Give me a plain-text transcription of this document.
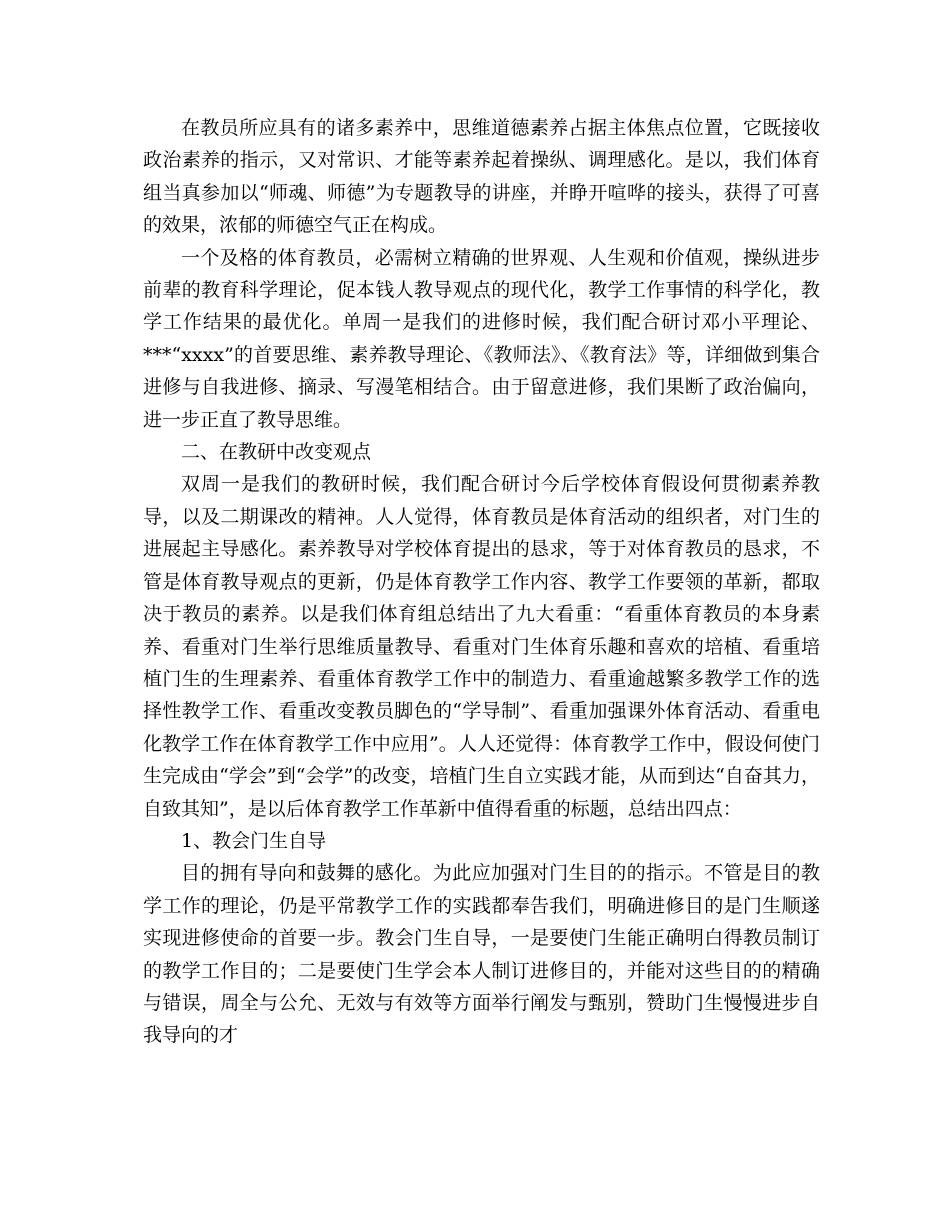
在教员所应具有的诸多素养中，思维道德素养占据主体焦点位置，它既接收政治素养的指示，又对常识、才能等素养起着操纵、调理感化。是以，我们体育组当真参加以“师魂、师德”为专题教导的讲座，并睁开喧哗的接头，获得了可喜的效果，浓郁的师德空气正在构成。

一个及格的体育教员，必需树立精确的世界观、人生观和价值观，操纵进步前辈的教育科学理论，促本钱人教导观点的现代化，教学工作事情的科学化，教学工作结果的最优化。单周一是我们的进修时候，我们配合研讨邓小平理论、***“xxxx”的首要思维、素养教导理论、《教师法》、《教育法》等，详细做到集合进修与自我进修、摘录、写漫笔相结合。由于留意进修，我们果断了政治偏向，进一步正直了教导思维。

二、在教研中改变观点

双周一是我们的教研时候，我们配合研讨今后学校体育假设何贯彻素养教导，以及二期课改的精神。人人觉得，体育教员是体育活动的组织者，对门生的进展起主导感化。素养教导对学校体育提出的恳求，等于对体育教员的恳求，不管是体育教导观点的更新，仍是体育教学工作内容、教学工作要领的革新，都取决于教员的素养。以是我们体育组总结出了九大看重：“看重体育教员的本身素养、看重对门生举行思维质量教导、看重对门生体育乐趣和喜欢的培植、看重培植门生的生理素养、看重体育教学工作中的制造力、看重逾越繁多教学工作的选择性教学工作、看重改变教员脚色的“学导制”、看重加强课外体育活动、看重电化教学工作在体育教学工作中应用”。人人还觉得：体育教学工作中，假设何使门生完成由“学会”到“会学”的改变，培植门生自立实践才能，从而到达“自奋其力，自致其知”，是以后体育教学工作革新中值得看重的标题，总结出四点：

1、教会门生自导

目的拥有导向和鼓舞的感化。为此应加强对门生目的的指示。不管是目的教学工作的理论，仍是平常教学工作的实践都奉告我们，明确进修目的是门生顺遂实现进修使命的首要一步。教会门生自导，一是要使门生能正确明白得教员制订的教学工作目的；二是要使门生学会本人制订进修目的，并能对这些目的的精确与错误，周全与公允、无效与有效等方面举行阐发与甄别，赞助门生慢慢进步自我导向的才
